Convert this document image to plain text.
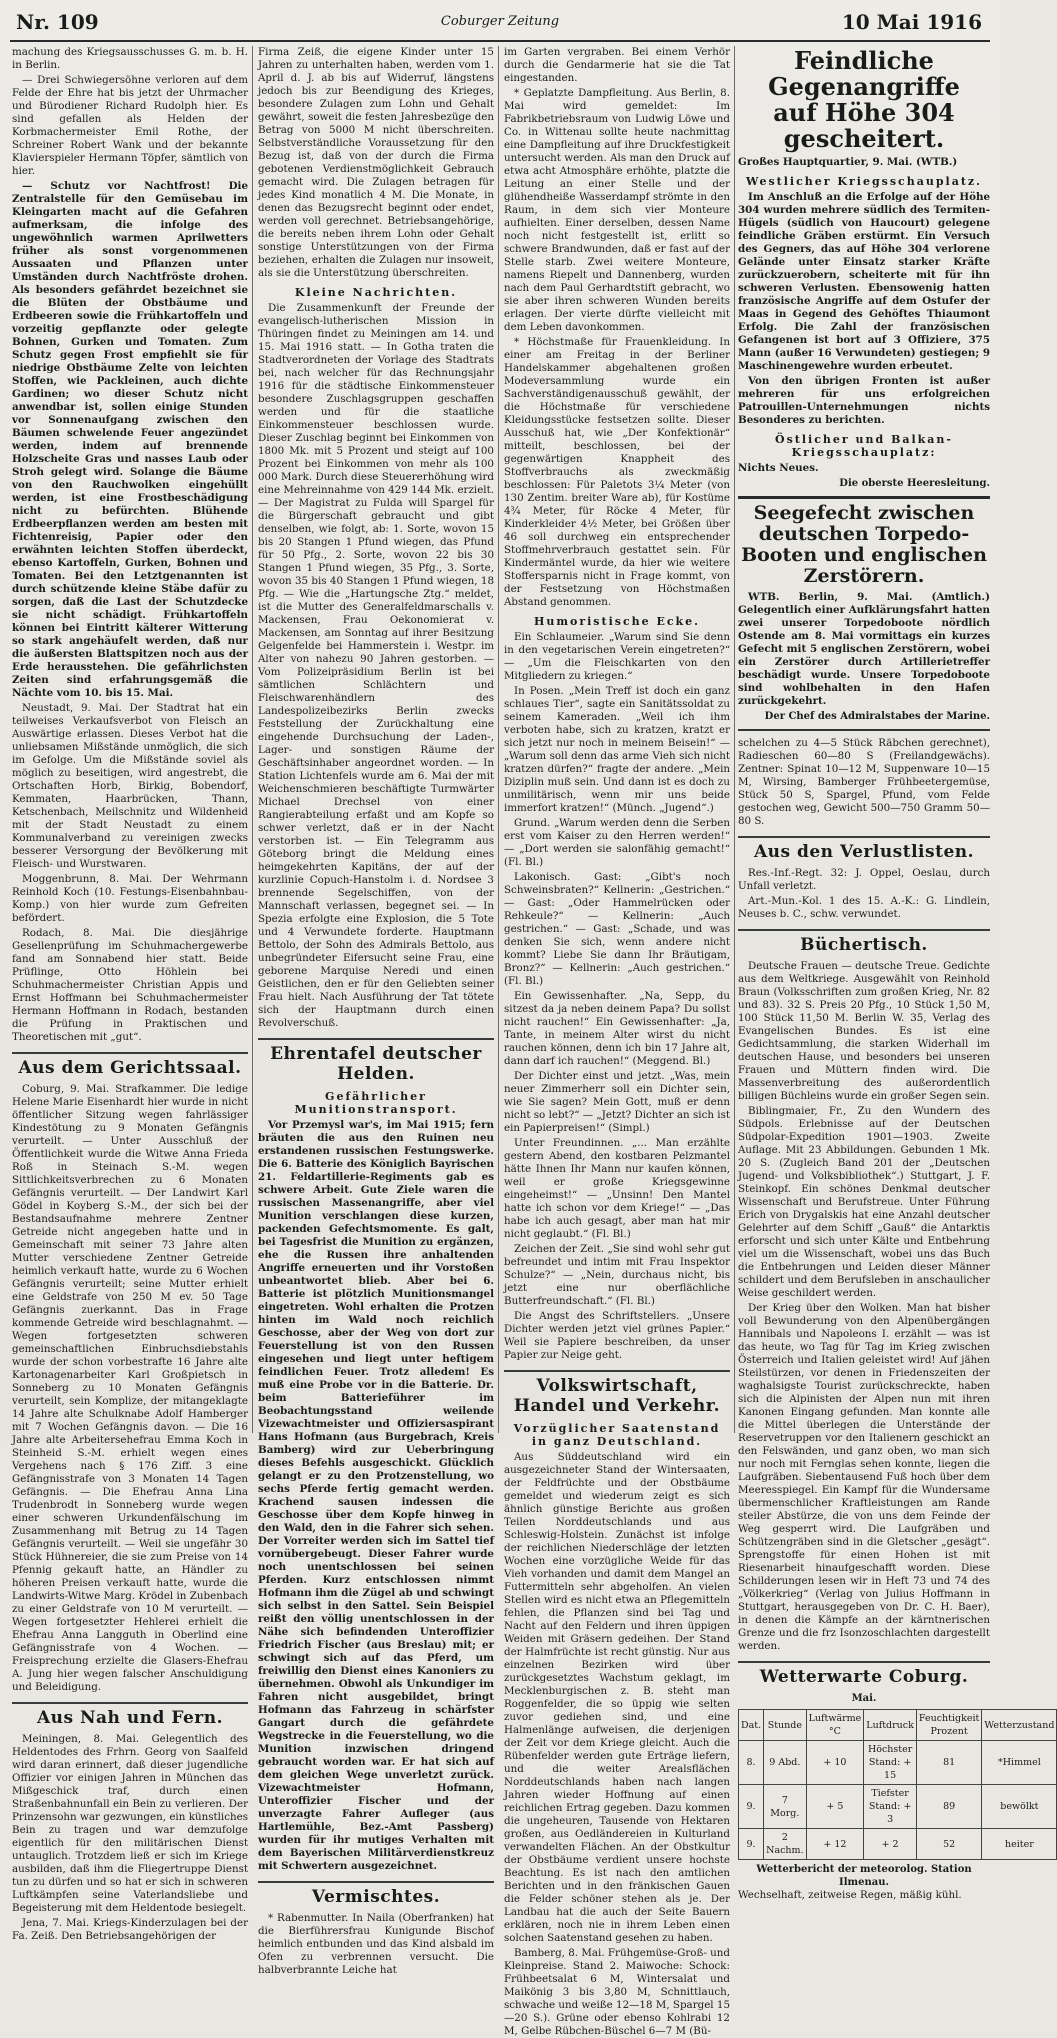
Nr. 109	Coburger Zeitung	10 Mai 1916

machung des Kriegsausschusses G. m. b. H. in Berlin.

— Drei Schwiegersöhne verloren auf dem Felde der Ehre hat bis jetzt der Uhrmacher und Bürodiener Richard Rudolph hier. Es sind gefallen als Helden der Korbmachermeister Emil Rothe, der Schreiner Robert Wank und der bekannte Klavierspieler Hermann Töpfer, sämtlich von hier.

— Schutz vor Nachtfrost! Die Zentralstelle für den Gemüsebau im Kleingarten macht auf die Gefahren aufmerksam, die infolge des ungewöhnlich warmen Aprilwetters früher als sonst vorgenommenen Aussaaten und Pflanzen unter Umständen durch Nachtfröste drohen. Als besonders gefährdet bezeichnet sie die Blüten der Obstbäume und Erdbeeren sowie die Frühkartoffeln und vorzeitig gepflanzte oder gelegte Bohnen, Gurken und Tomaten. Zum Schutz gegen Frost empfiehlt sie für niedrige Obstbäume Zelte von leichten Stoffen, wie Packleinen, auch dichte Gardinen; wo dieser Schutz nicht anwendbar ist, sollen einige Stunden vor Sonnenaufgang zwischen den Bäumen schwelende Feuer angezündet werden, indem auf brennende Holzscheite Gras und nasses Laub oder Stroh gelegt wird. Solange die Bäume von den Rauchwolken eingehüllt werden, ist eine Frostbeschädigung nicht zu befürchten. Blühende Erdbeerpflanzen werden am besten mit Fichtenreisig, Papier oder den erwähnten leichten Stoffen überdeckt, ebenso Kartoffeln, Gurken, Bohnen und Tomaten. Bei den Letztgenannten ist durch schützende kleine Stäbe dafür zu sorgen, daß die Last der Schutzdecke sie nicht schädigt. Frühkartoffeln können bei Eintritt kälterer Witterung so stark angehäufelt werden, daß nur die äußersten Blattspitzen noch aus der Erde herausstehen. Die gefährlichsten Zeiten sind erfahrungsgemäß die Nächte vom 10. bis 15. Mai.

Neustadt, 9. Mai. Der Stadtrat hat ein teilweises Verkaufsverbot von Fleisch an Auswärtige erlassen. Dieses Verbot hat die unliebsamen Mißstände unmöglich, die sich im Gefolge. Um die Mißstände soviel als möglich zu beseitigen, wird angestrebt, die Ortschaften Horb, Birkig, Bobendorf, Kemmaten, Haarbrücken, Thann, Ketschenbach, Meilschnitz und Wildenheid mit der Stadt Neustadt zu einem Kommunalverband zu vereinigen zwecks besserer Versorgung der Bevölkerung mit Fleisch- und Wurstwaren.

Moggenbrunn, 8. Mai. Der Wehrmann Reinhold Koch (10. Festungs-Eisenbahnbau-Komp.) von hier wurde zum Gefreiten befördert.

Rodach, 8. Mai. Die diesjährige Gesellenprüfung im Schuhmachergewerbe fand am Sonnabend hier statt. Beide Prüflinge, Otto Höhlein bei Schuhmachermeister Christian Appis und Ernst Hoffmann bei Schuhmachermeister Hermann Hoffmann in Rodach, bestanden die Prüfung in Praktischen und Theoretischen mit „gut“.

Aus dem Gerichtssaal.

Coburg, 9. Mai. Strafkammer. Die ledige Helene Marie Eisenhardt hier wurde in nicht öffentlicher Sitzung wegen fahrlässiger Kindestötung zu 9 Monaten Gefängnis verurteilt. — Unter Ausschluß der Öffentlichkeit wurde die Witwe Anna Frieda Roß in Steinach S.-M. wegen Sittlichkeitsverbrechen zu 6 Monaten Gefängnis verurteilt. — Der Landwirt Karl Gödel in Koyberg S.-M., der sich bei der Bestandsaufnahme mehrere Zentner Getreide nicht angegeben hatte und in Gemeinschaft mit seiner 73 Jahre alten Mutter verschiedene Zentner Getreide heimlich verkauft hatte, wurde zu 6 Wochen Gefängnis verurteilt; seine Mutter erhielt eine Geldstrafe von 250 M ev. 50 Tage Gefängnis zuerkannt. Das in Frage kommende Getreide wird beschlagnahmt. — Wegen fortgesetzten schweren gemeinschaftlichen Einbruchsdiebstahls wurde der schon vorbestrafte 16 Jahre alte Kartonagenarbeiter Karl Großpietsch in Sonneberg zu 10 Monaten Gefängnis verurteilt, sein Komplize, der mitangeklagte 14 Jahre alte Schulknabe Adolf Hamberger mit 7 Wochen Gefängnis davon. — Die 16 Jahre alte Arbeitersehefrau Emma Koch in Steinheid S.-M. erhielt wegen eines Vergehens nach § 176 Ziff. 3 eine Gefängnisstrafe von 3 Monaten 14 Tagen Gefängnis. — Die Ehefrau Anna Lina Trudenbrodt in Sonneberg wurde wegen einer schweren Urkundenfälschung im Zusammenhang mit Betrug zu 14 Tagen Gefängnis verurteilt. — Weil sie ungefähr 30 Stück Hühnereier, die sie zum Preise von 14 Pfennig gekauft hatte, an Händler zu höheren Preisen verkauft hatte, wurde die Landwirts-Witwe Marg. Krödel in Zubenbach zu einer Geldstrafe von 10 M verurteilt. — Wegen fortgesetzter Hehlerei erhielt die Ehefrau Anna Langguth in Oberlind eine Gefängnisstrafe von 4 Wochen. — Freisprechung erzielte die Glasers-Ehefrau A. Jung hier wegen falscher Anschuldigung und Beleidigung.

Aus Nah und Fern.

Meiningen, 8. Mai. Gelegentlich des Heldentodes des Frhrn. Georg von Saalfeld wird daran erinnert, daß dieser jugendliche Offizier vor einigen Jahren in München das Mißgeschick traf, durch einen Straßenbahnunfall ein Bein zu verlieren. Der Prinzensohn war gezwungen, ein künstliches Bein zu tragen und war demzufolge eigentlich für den militärischen Dienst untauglich. Trotzdem ließ er sich im Kriege ausbilden, daß ihm die Fliegertruppe Dienst tun zu dürfen und so hat er sich in schweren Luftkämpfen seine Vaterlandsliebe und Begeisterung mit dem Heldentode besiegelt.

Jena, 7. Mai. Kriegs-Kinderzulagen bei der Fa. Zeiß. Den Betriebsangehörigen der

Firma Zeiß, die eigene Kinder unter 15 Jahren zu unterhalten haben, werden vom 1. April d. J. ab bis auf Widerruf, längstens jedoch bis zur Beendigung des Krieges, besondere Zulagen zum Lohn und Gehalt gewährt, soweit die festen Jahresbezüge den Betrag von 5000 M nicht überschreiten. Selbstverständliche Voraussetzung für den Bezug ist, daß von der durch die Firma gebotenen Verdienstmöglichkeit Gebrauch gemacht wird. Die Zulagen betragen für jedes Kind monatlich 4 M. Die Monate, in denen das Bezugsrecht beginnt oder endet, werden voll gerechnet. Betriebsangehörige, die bereits neben ihrem Lohn oder Gehalt sonstige Unterstützungen von der Firma beziehen, erhalten die Zulagen nur insoweit, als sie die Unterstützung überschreiten.

Kleine Nachrichten.

Die Zusammenkunft der Freunde der evangelisch-lutherischen Mission in Thüringen findet zu Meiningen am 14. und 15. Mai 1916 statt. — In Gotha traten die Stadtverordneten der Vorlage des Stadtrats bei, nach welcher für das Rechnungsjahr 1916 für die städtische Einkommensteuer besondere Zuschlagsgruppen geschaffen werden und für die staatliche Einkommensteuer beschlossen wurde. Dieser Zuschlag beginnt bei Einkommen von 1800 Mk. mit 5 Prozent und steigt auf 100 Prozent bei Einkommen von mehr als 100 000 Mark. Durch diese Steuererhöhung wird eine Mehreinnahme von 429 144 Mk. erzielt. — Der Magistrat zu Fulda will Spargel für die Bürgerschaft gebraucht und gibt denselben, wie folgt, ab: 1. Sorte, wovon 15 bis 20 Stangen 1 Pfund wiegen, das Pfund für 50 Pfg., 2. Sorte, wovon 22 bis 30 Stangen 1 Pfund wiegen, 35 Pfg., 3. Sorte, wovon 35 bis 40 Stangen 1 Pfund wiegen, 18 Pfg. — Wie die „Hartungsche Ztg.“ meldet, ist die Mutter des Generalfeldmarschalls v. Mackensen, Frau Oekonomierat v. Mackensen, am Sonntag auf ihrer Besitzung Gelgenfelde bei Hammerstein i. Westpr. im Alter von nahezu 90 Jahren gestorben. — Vom Polizeipräsidium Berlin ist bei sämtlichen Schlächtern und Fleischwarenhändlern des Landespolizeibezirks Berlin zwecks Feststellung der Zurückhaltung eine eingehende Durchsuchung der Laden-, Lager- und sonstigen Räume der Geschäftsinhaber angeordnet worden. — In Station Lichtenfels wurde am 6. Mai der mit Weichenschmieren beschäftigte Turmwärter Michael Drechsel von einer Rangierabteilung erfaßt und am Kopfe so schwer verletzt, daß er in der Nacht verstorben ist. — Ein Telegramm aus Göteborg bringt die Meldung eines heimgekehrten Kapitäns, der auf der kurzlinie Copuch-Hanstolm i. d. Nordsee 3 brennende Segelschiffen, von der Mannschaft verlassen, begegnet sei. — In Spezia erfolgte eine Explosion, die 5 Tote und 4 Verwundete forderte. Hauptmann Bettolo, der Sohn des Admirals Bettolo, aus unbegründeter Eifersucht seine Frau, eine geborene Marquise Neredi und einen Geistlichen, den er für den Geliebten seiner Frau hielt. Nach Ausführung der Tat tötete sich der Hauptmann durch einen Revolverschuß.

Ehrentafel deutscher Helden.
Gefährlicher Munitionstransport.

Vor Przemysl war's, im Mai 1915; fern bräuten die aus den Ruinen neu erstandenen russischen Festungswerke. Die 6. Batterie des Königlich Bayrischen 21. Feldartillerie-Regiments gab es schwere Arbeit. Gute Ziele waren die russischen Massenangriffe, aber viel Munition verschlangen diese kurzen, packenden Gefechtsmomente. Es galt, bei Tagesfrist die Munition zu ergänzen, ehe die Russen ihre anhaltenden Angriffe erneuerten und ihr Vorstoßen unbeantwortet blieb. Aber bei 6. Batterie ist plötzlich Munitionsmangel eingetreten. Wohl erhalten die Protzen hinten im Wald noch reichlich Geschosse, aber der Weg von dort zur Feuerstellung ist von den Russen eingesehen und liegt unter heftigem feindlichen Feuer. Trotz alledem! Es muß eine Probe vor in die Batterie. Dr. beim Batterieführer im Beobachtungsstand weilende Vizewachtmeister und Offiziersaspirant Hans Hofmann (aus Burgebrach, Kreis Bamberg) wird zur Ueberbringung dieses Befehls ausgeschickt. Glücklich gelangt er zu den Protzenstellung, wo sechs Pferde fertig gemacht werden. Krachend sausen indessen die Geschosse über dem Kopfe hinweg in den Wald, den in die Fahrer sich sehen. Der Vorreiter werden sich im Sattel tief vornübergebeugt. Dieser Fahrer wurde noch unentschlossen bei seinen Pferden. Kurz entschlossen nimmt Hofmann ihm die Zügel ab und schwingt sich selbst in den Sattel. Sein Beispiel reißt den völlig unentschlossen in der Nähe sich befindenden Unteroffizier Friedrich Fischer (aus Breslau) mit; er schwingt sich auf das Pferd, um freiwillig den Dienst eines Kanoniers zu übernehmen. Obwohl als Unkundiger im Fahren nicht ausgebildet, bringt Hofmann das Fahrzeug in schärfster Gangart durch die gefährdete Wegstrecke in die Feuerstellung, wo die Munition inzwischen dringend gebraucht worden war. Er hat sich auf dem gleichen Wege unverletzt zurück. Vizewachtmeister Hofmann, Unteroffizier Fischer und der unverzagte Fahrer Aufleger (aus Hartlemühle, Bez.-Amt Passberg) wurden für ihr mutiges Verhalten mit dem Bayerischen Militärverdienstkreuz mit Schwertern ausgezeichnet.

Vermischtes.

* Rabenmutter. In Naila (Oberfranken) hat die Bierführersfrau Kunigunde Bischof heimlich entbunden und das Kind alsbald im Ofen zu verbrennen versucht. Die halbverbrannte Leiche hat

im Garten vergraben. Bei einem Verhör durch die Gendarmerie hat sie die Tat eingestanden.

* Geplatzte Dampfleitung. Aus Berlin, 8. Mai wird gemeldet: Im Fabrikbetriebsraum von Ludwig Löwe und Co. in Wittenau sollte heute nachmittag eine Dampfleitung auf ihre Druckfestigkeit untersucht werden. Als man den Druck auf etwa acht Atmosphäre erhöhte, platzte die Leitung an einer Stelle und der glühendheiße Wasserdampf strömte in den Raum, in dem sich vier Monteure aufhielten. Einer derselben, dessen Name noch nicht festgestellt ist, erlitt so schwere Brandwunden, daß er fast auf der Stelle starb. Zwei weitere Monteure, namens Riepelt und Dannenberg, wurden nach dem Paul Gerhardtstift gebracht, wo sie aber ihren schweren Wunden bereits erlagen. Der vierte dürfte vielleicht mit dem Leben davonkommen.

* Höchstmaße für Frauenkleidung. In einer am Freitag in der Berliner Handelskammer abgehaltenen großen Modeversammlung wurde ein Sachverständigenausschuß gewählt, der die Höchstmaße für verschiedene Kleidungsstücke festsetzen sollte. Dieser Ausschuß hat, wie „Der Konfektionär“ mitteilt, beschlossen, bei der gegenwärtigen Knappheit des Stoffverbrauchs als zweckmäßig beschlossen: Für Paletots 3¼ Meter (von 130 Zentim. breiter Ware ab), für Kostüme 4¾ Meter, für Röcke 4 Meter, für Kinderkleider 4½ Meter, bei Größen über 46 soll durchweg ein entsprechender Stoffmehrverbrauch gestattet sein. Für Kindermäntel wurde, da hier wie weitere Stoffersparnis nicht in Frage kommt, von der Festsetzung von Höchstmaßen Abstand genommen.

Humoristische Ecke.

Ein Schlaumeier. „Warum sind Sie denn in den vegetarischen Verein eingetreten?“ — „Um die Fleischkarten von den Mitgliedern zu kriegen.“

In Posen. „Mein Treff ist doch ein ganz schlaues Tier“, sagte ein Sanitätssoldat zu seinem Kameraden. „Weil ich ihm verboten habe, sich zu kratzen, kratzt er sich jetzt nur noch in meinem Beisein!“ — „Warum soll denn das arme Vieh sich nicht kratzen dürfen?“ fragte der andere. „Mein Diziplin muß sein. Und dann ist es doch zu unmilitärisch, wenn mir uns beide immerfort kratzen!“ (Münch. „Jugend“.)

Grund. „Warum werden denn die Serben erst vom Kaiser zu den Herren werden!“ — „Dort werden sie salonfähig gemacht!“ (Fl. Bl.)

Lakonisch. Gast: „Gibt's noch Schweinsbraten?“ Kellnerin: „Gestrichen.“ — Gast: „Oder Hammelrücken oder Rehkeule?“ — Kellnerin: „Auch gestrichen.“ — Gast: „Schade, und was denken Sie sich, wenn andere nicht kommt? Liebe Sie dann Ihr Bräutigam, Bronz?“ — Kellnerin: „Auch gestrichen.“ (Fl. Bl.)

Ein Gewissenhafter. „Na, Sepp, du sitzest da ja neben deinem Papa? Du sollst nicht rauchen!“ Ein Gewissenhafter: „Ja, Tante, in meinem Alter wirst du nicht rauchen können, denn ich bin 17 Jahre alt, dann darf ich rauchen!“ (Meggend. Bl.)

Der Dichter einst und jetzt. „Was, mein neuer Zimmerherr soll ein Dichter sein, wie Sie sagen? Mein Gott, muß er denn nicht so lebt?“ — „Jetzt? Dichter an sich ist ein Papierpreisen!“ (Simpl.)

Unter Freundinnen. „... Man erzählte gestern Abend, den kostbaren Pelzmantel hätte Ihnen Ihr Mann nur kaufen können, weil er große Kriegsgewinne eingeheimst!“ — „Unsinn! Den Mantel hatte ich schon vor dem Kriege!“ — „Das habe ich auch gesagt, aber man hat mir nicht geglaubt.“ (Fl. Bl.)

Zeichen der Zeit. „Sie sind wohl sehr gut befreundet und intim mit Frau Inspektor Schulze?“ — „Nein, durchaus nicht, bis jetzt eine nur oberflächliche Butterfreundschaft.“ (Fl. Bl.)

Die Angst des Schriftstellers. „Unsere Dichter werden jetzt viel grünes Papier.“ Weil sie Papiere beschreiben, da unser Papier zur Neige geht.

Volkswirtschaft, Handel und Verkehr.
Vorzüglicher Saatenstand in ganz Deutschland.

Aus Süddeutschland wird ein ausgezeichneter Stand der Wintersaaten, der Feldfrüchte und der Obstbäume gemeldet und wiederum zeigt es sich ähnlich günstige Berichte aus großen Teilen Norddeutschlands und aus Schleswig-Holstein. Zunächst ist infolge der reichlichen Niederschläge der letzten Wochen eine vorzügliche Weide für das Vieh vorhanden und damit dem Mangel an Futtermitteln sehr abgeholfen. An vielen Stellen wird es nicht etwa an Pflegemitteln fehlen, die Pflanzen sind bei Tag und Nacht auf den Feldern und ihren üppigen Weiden mit Gräsern gedeihen. Der Stand der Halmfrüchte ist recht günstig. Nur aus einzelnen Bezirken wird über zurückgesetztes Wachstum geklagt, im Mecklenburgischen z. B. steht man Roggenfelder, die so üppig wie selten zuvor gediehen sind, und eine Halmenlänge aufweisen, die derjenigen der Zeit vor dem Kriege gleicht. Auch die Rübenfelder werden gute Erträge liefern, und die weiter Arealsflächen Norddeutschlands haben nach langen Jahren wieder Hoffnung auf einen reichlichen Ertrag gegeben. Dazu kommen die ungeheuren, Tausende von Hektaren großen, aus Oedländereien in Kulturland verwandelten Flächen. An der Obstkultur der Obstbäume verdient unsere hochste Beachtung. Es ist nach den amtlichen Berichten und in den fränkischen Gauen die Felder schöner stehen als je. Der Landbau hat die auch der Seite Bauern erklären, noch nie in ihrem Leben einen solchen Saatenstand gesehen zu haben.

Bamberg, 8. Mai. Frühgemüse-Groß- und Kleinpreise. Stand 2. Maiwoche: Schock: Frühbeetsalat 6 M, Wintersalat und Maikönig 3 bis 3,80 M, Schnittlauch, schwache und weiße 12—18 M, Spargel 15—20 S.). Grüne oder ebenso Kohlrabi 12 M, Gelbe Rübchen-Büschel 6—7 M (Bü-

Feindliche Gegenangriffe
auf Höhe 304 gescheitert.

Großes Hauptquartier, 9. Mai. (WTB.)

Westlicher Kriegsschauplatz.

Im Anschluß an die Erfolge auf der Höhe 304 wurden mehrere südlich des Termiten-Hügels (südlich von Haucourt) gelegene feindliche Gräben erstürmt. Ein Versuch des Gegners, das auf Höhe 304 verlorene Gelände unter Einsatz starker Kräfte zurückzuerobern, scheiterte mit für ihn schweren Verlusten. Ebensowenig hatten französische Angriffe auf dem Ostufer der Maas in Gegend des Gehöftes Thiaumont Erfolg. Die Zahl der französischen Gefangenen ist bort auf 3 Offiziere, 375 Mann (außer 16 Verwundeten) gestiegen; 9 Maschinengewehre wurden erbeutet.

Von den übrigen Fronten ist außer mehreren für uns erfolgreichen Patrouillen-Unternehmungen nichts Besonderes zu berichten.

Östlicher und Balkan-Kriegsschauplatz:

Nichts Neues.

Die oberste Heeresleitung.
Seegefecht zwischen deutschen Torpedo-Booten und englischen Zerstörern.

WTB. Berlin, 9. Mai. (Amtlich.) Gelegentlich einer Aufklärungsfahrt hatten zwei unserer Torpedoboote nördlich Ostende am 8. Mai vormittags ein kurzes Gefecht mit 5 englischen Zerstörern, wobei ein Zerstörer durch Artillerietreffer beschädigt wurde. Unsere Torpedoboote sind wohlbehalten in den Hafen zurückgekehrt.

Der Chef des Admiralstabes der Marine.

schelchen zu 4—5 Stück Räbchen gerechnet), Radieschen 60—80 S (Freilandgewächs). Zentner: Spinat 10—12 M, Suppenware 10—15 M, Wirsing, Bamberger Frühbeetergemüse, Stück 50 S, Spargel, Pfund, vom Felde gestochen weg, Gewicht 500—750 Gramm 50—80 S.

Aus den Verlustlisten.

Res.-Inf.-Regt. 32: J. Oppel, Oeslau, durch Unfall verletzt.

Art.-Mun.-Kol. 1 des 15. A.-K.: G. Lindlein, Neuses b. C., schw. verwundet.

Büchertisch.

Deutsche Frauen — deutsche Treue. Gedichte aus dem Weltkriege. Ausgewählt von Reinhold Braun (Volksschriften zum großen Krieg, Nr. 82 und 83). 32 S. Preis 20 Pfg., 10 Stück 1,50 M, 100 Stück 11,50 M. Berlin W. 35, Verlag des Evangelischen Bundes. Es ist eine Gedichtsammlung, die starken Widerhall im deutschen Hause, und besonders bei unseren Frauen und Müttern finden wird. Die Massenverbreitung des außerordentlich billigen Büchleins wurde ein großer Segen sein.

Biblingmaier, Fr., Zu den Wundern des Südpols. Erlebnisse auf der Deutschen Südpolar-Expedition 1901—1903. Zweite Auflage. Mit 23 Abbildungen. Gebunden 1 Mk. 20 S. (Zugleich Band 201 der „Deutschen Jugend- und Volksbibliothek“.) Stuttgart, J. F. Steinkopf. Ein schönes Denkmal deutscher Wissenschaft und Berufstreue. Unter Führung Erich von Drygalskis hat eine Anzahl deutscher Gelehrter auf dem Schiff „Gauß“ die Antarktis erforscht und sich unter Kälte und Entbehrung viel um die Wissenschaft, wobei uns das Buch die Entbehrungen und Leiden dieser Männer schildert und dem Berufsleben in anschaulicher Weise geschildert werden.

Der Krieg über den Wolken. Man hat bisher voll Bewunderung von den Alpenübergängen Hannibals und Napoleons I. erzählt — was ist das heute, wo Tag für Tag im Krieg zwischen Österreich und Italien geleistet wird! Auf jähen Steilstürzen, vor denen in Friedenszeiten der waghalsigste Tourist zurückschreckte, haben sich die Alpinisten der Alpen nun mit ihren Kanonen Eingang gefunden. Man konnte alle die Mittel überlegen die Unterstände der Reservetruppen vor den Italienern geschickt an den Felswänden, und ganz oben, wo man sich nur noch mit Fernglas sehen konnte, liegen die Laufgräben. Siebentausend Fuß hoch über dem Meeresspiegel. Ein Kampf für die Wundersame übermenschlicher Kraftleistungen am Rande steiler Abstürze, die von uns dem Feinde der Weg gesperrt wird. Die Laufgräben und Schützengräben sind in die Gletscher „gesägt“. Sprengstoffe für einen Hohen ist mit Riesenarbeit hinaufgeschafft worden. Diese Schilderungen lesen wir in Heft 73 und 74 des „Völkerkrieg“ (Verlag von Julius Hoffmann in Stuttgart, herausgegeben von Dr. C. H. Baer), in denen die Kämpfe an der kärntnerischen Grenze und die frz Isonzoschlachten dargestellt werden.

Wetterwarte Coburg.
Mai.
Dat.	Stunde	Luftwärme °C	Luftdruck	Feuchtigkeit Prozent	Wetterzustand
8.	9 Abd.	+ 10	Höchster Stand: + 15	81	*Himmel
9.	7 Morg.	+ 5	Tiefster Stand: + 3	89	bewölkt
9.	2 Nachm.	+ 12	+ 2	52	heiter
Wetterbericht der meteorolog. Station Ilmenau.

Wechselhaft, zeitweise Regen, mäßig kühl.
